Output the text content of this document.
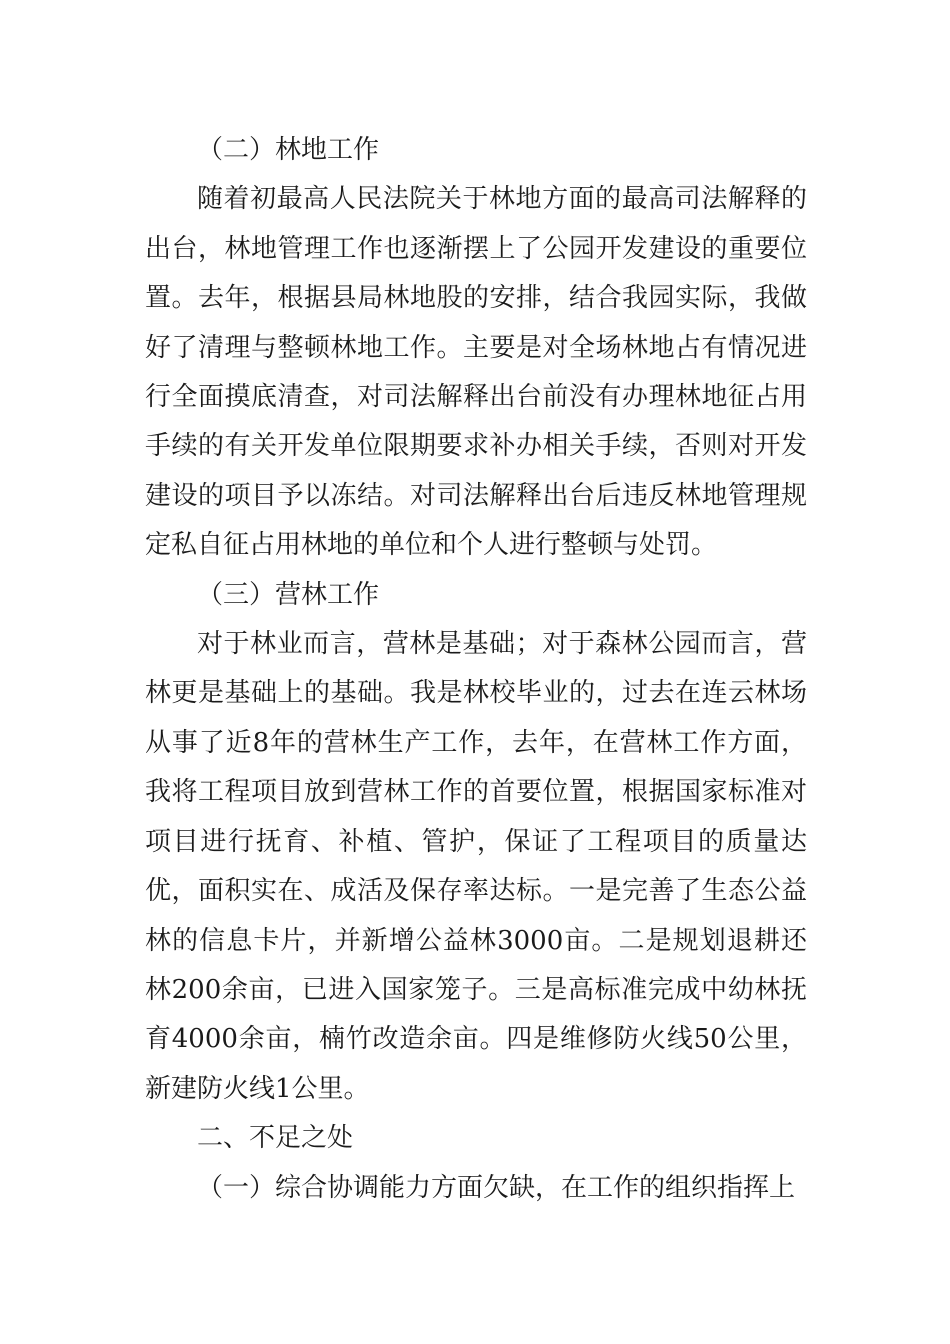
（二）林地工作

随着初最高人民法院关于林地方面的最高司法解释的出台，林地管理工作也逐渐摆上了公园开发建设的重要位置。去年，根据县局林地股的安排，结合我园实际，我做好了清理与整顿林地工作。主要是对全场林地占有情况进行全面摸底清查，对司法解释出台前没有办理林地征占用手续的有关开发单位限期要求补办相关手续，否则对开发建设的项目予以冻结。对司法解释出台后违反林地管理规定私自征占用林地的单位和个人进行整顿与处罚。

（三）营林工作

对于林业而言，营林是基础；对于森林公园而言，营林更是基础上的基础。我是林校毕业的，过去在连云林场从事了近8年的营林生产工作，去年，在营林工作方面，我将工程项目放到营林工作的首要位置，根据国家标准对项目进行抚育、补植、管护，保证了工程项目的质量达优，面积实在、成活及保存率达标。一是完善了生态公益林的信息卡片，并新增公益林3000亩。二是规划退耕还林200余亩，已进入国家笼子。三是高标准完成中幼林抚育4000余亩，楠竹改造余亩。四是维修防火线50公里，新建防火线1公里。

二、不足之处

（一）综合协调能力方面欠缺，在工作的组织指挥上
